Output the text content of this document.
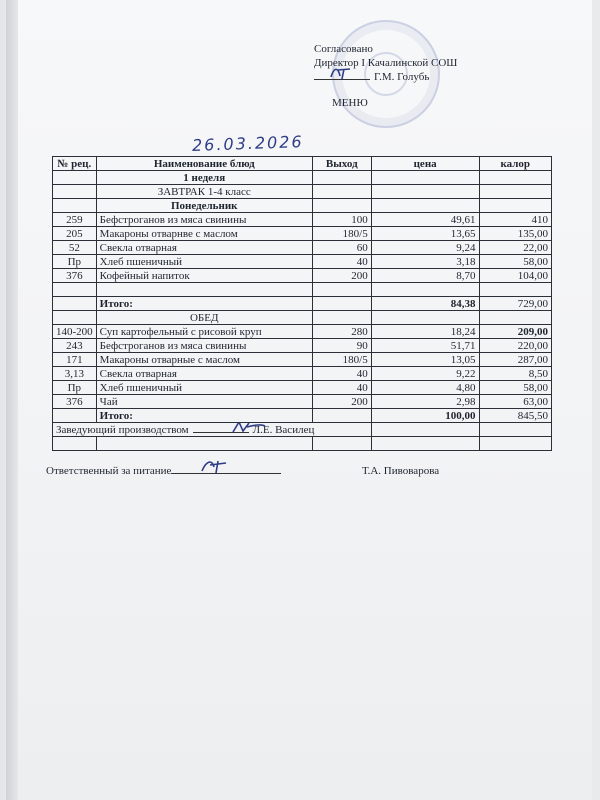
Согласовано
Директор I Качалинской СОШ
Г.М. Голубь
МЕНЮ
26.03.2026
№ рец.	Наименование блюд	Выход	цена	калор
	1 неделя			
	ЗАВТРАК 1-4 класс			
	Понедельник			
259	Бефстроганов из мяса свинины	100	49,61	410
205	Макароны отварнве с маслом	180/5	13,65	135,00
52	Свекла отварная	60	9,24	22,00
Пр	Хлеб пшеничный	40	3,18	58,00
376	Кофейный напиток	200	8,70	104,00

	Итого:		84,38	729,00
	ОБЕД			
140-200	Суп картофельный с рисовой круп	280	18,24	209,00
243	Бефстроганов из мяса свинины	90	51,71	220,00
171	Макароны отварные с маслом	180/5	13,05	287,00
3,13	Свекла отварная	40	9,22	8,50
Пр	Хлеб пшеничный	40	4,80	58,00
376	Чай	200	2,98	63,00
	Итого:		100,00	845,50
Заведующий производством Л.Е. Василец		

Ответственный за питание	Т.А. Пивоварова
